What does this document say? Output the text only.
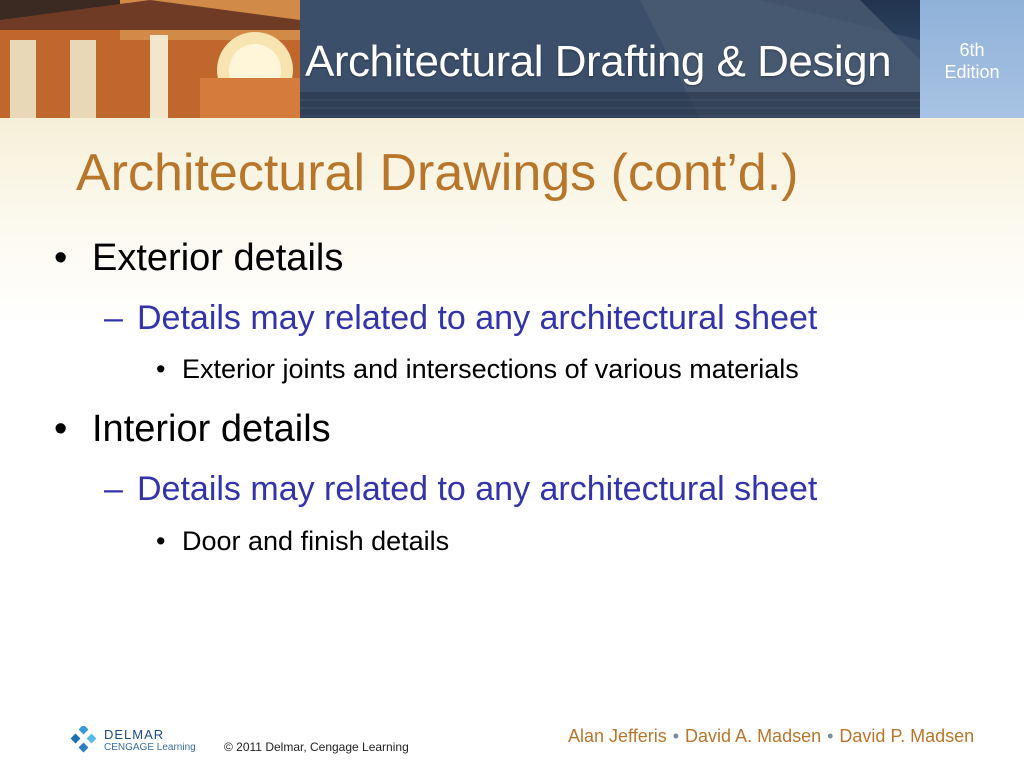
Architectural Drafting & Design	6th
Edition
Architectural Drawings (cont’d.)
• Exterior details
– Details may related to any architectural sheet
• Exterior joints and intersections of various materials
• Interior details
– Details may related to any architectural sheet
• Door and finish details
DELMAR
CENGAGE Learning © 2011 Delmar, Cengage Learning
Alan Jefferis • David A. Madsen • David P. Madsen
